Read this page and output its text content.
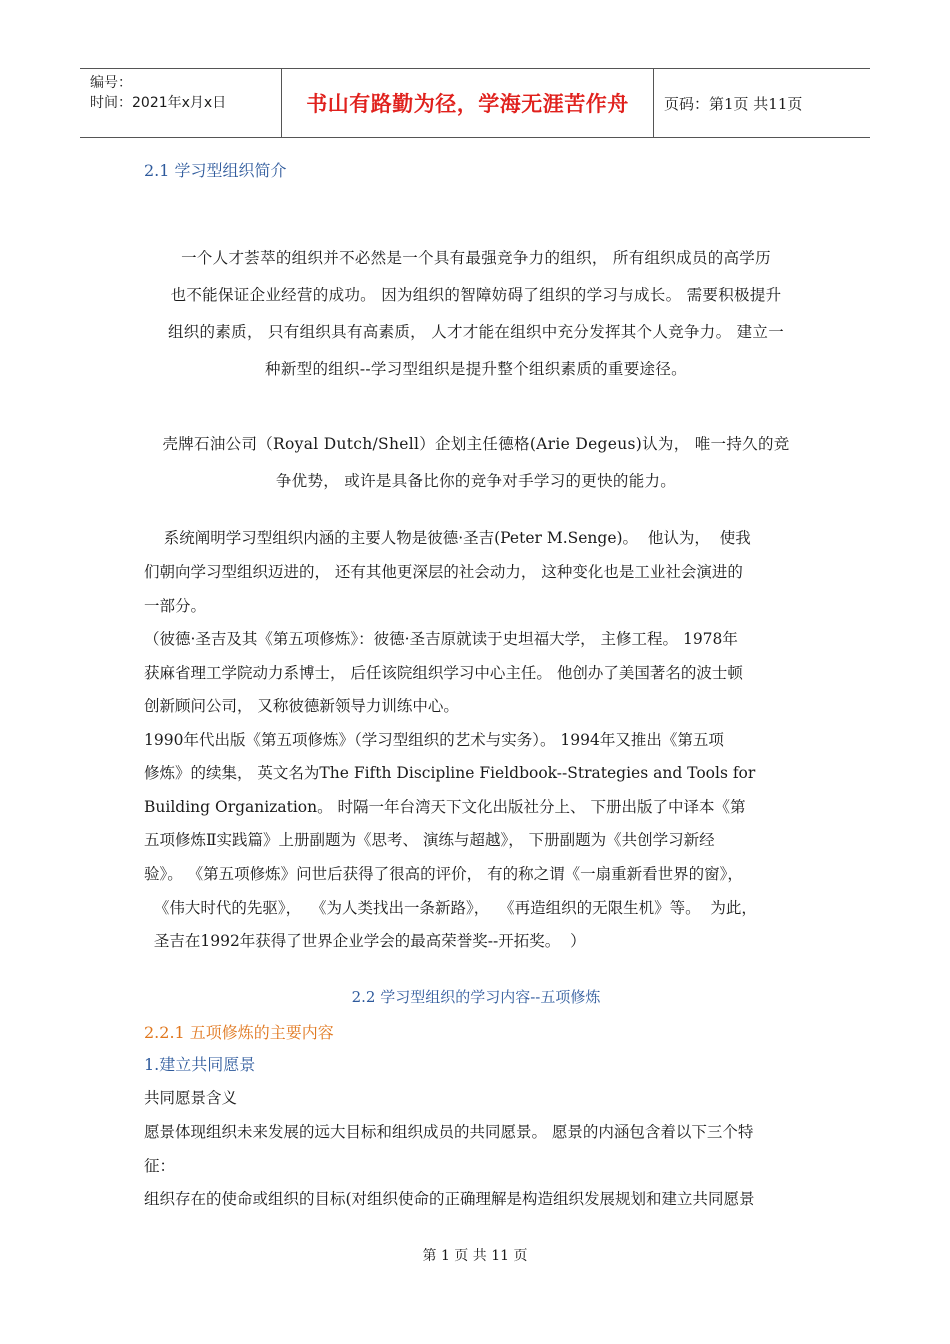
编号：
时间：2021年x月x日	书山有路勤为径，学海无涯苦作舟	页码：第1页 共11页
2.1 学习型组织简介
一个人才荟萃的组织并不必然是一个具有最强竞争力的组织， 所有组织成员的高学历
也不能保证企业经营的成功。 因为组织的智障妨碍了组织的学习与成长。 需要积极提升
组织的素质， 只有组织具有高素质， 人才才能在组织中充分发挥其个人竞争力。 建立一
种新型的组织--学习型组织是提升整个组织素质的重要途径。
壳牌石油公司（Royal Dutch/Shell）企划主任德格(Arie Degeus)认为， 唯一持久的竞
争优势， 或许是具备比你的竞争对手学习的更快的能力。
系统阐明学习型组织内涵的主要人物是彼德·圣吉(Peter M.Senge)。  他认为，  使我
们朝向学习型组织迈进的， 还有其他更深层的社会动力， 这种变化也是工业社会演进的
一部分。
（彼德·圣吉及其《第五项修炼》：彼德·圣吉原就读于史坦福大学， 主修工程。 1978年
获麻省理工学院动力系博士， 后任该院组织学习中心主任。 他创办了美国著名的波士顿
创新顾问公司， 又称彼德新领导力训练中心。
1990年代出版《第五项修炼》（学习型组织的艺术与实务）。 1994年又推出《第五项
修炼》的续集， 英文名为The Fifth Discipline Fieldbook--Strategies and Tools for
Building Organization。 时隔一年台湾天下文化出版社分上、 下册出版了中译本《第
五项修炼Ⅱ实践篇》上册副题为《思考、 演练与超越》， 下册副题为《共创学习新经
验》。 《第五项修炼》问世后获得了很高的评价， 有的称之谓《一扇重新看世界的窗》，
《伟大时代的先驱》，  《为人类找出一条新路》，  《再造组织的无限生机》等。  为此，
圣吉在1992年获得了世界企业学会的最高荣誉奖--开拓奖。  ）
2.2 学习型组织的学习内容--五项修炼
2.2.1 五项修炼的主要内容
1.建立共同愿景
共同愿景含义
愿景体现组织未来发展的远大目标和组织成员的共同愿景。 愿景的内涵包含着以下三个特
征：
组织存在的使命或组织的目标(对组织使命的正确理解是构造组织发展规划和建立共同愿景
第 1 页 共 11 页
